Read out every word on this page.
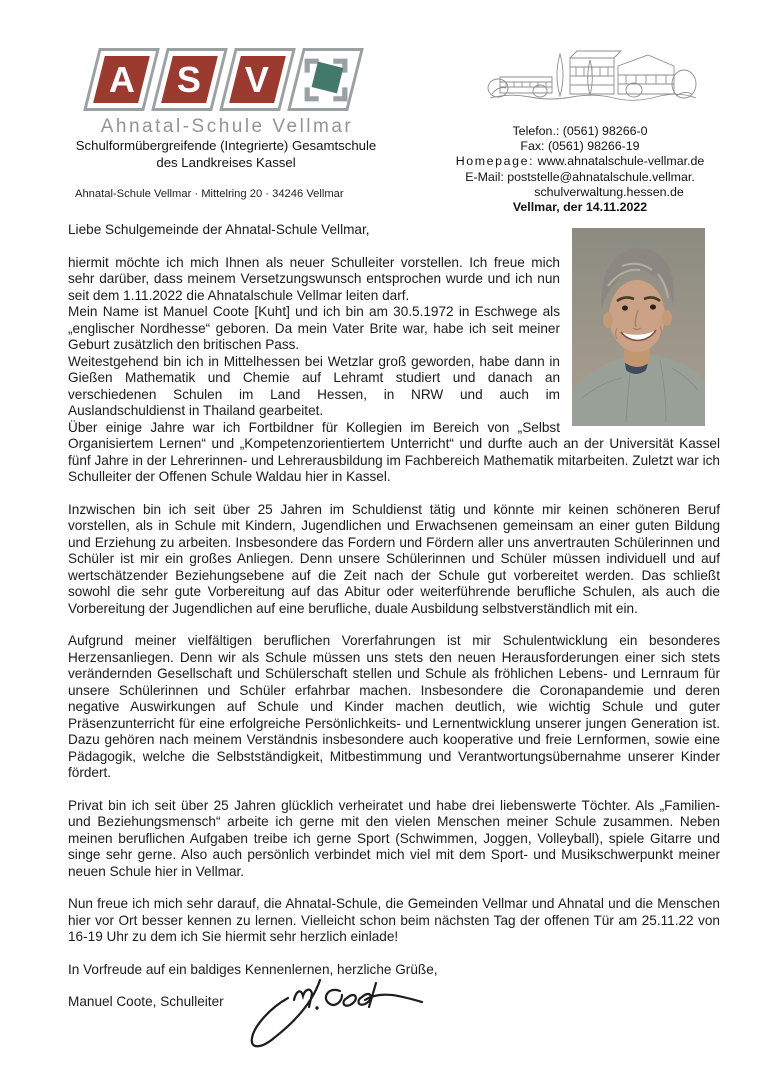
A S V
Ahnatal-Schule Vellmar
Schulformübergreifende (Integrierte) Gesamtschule
des Landkreises Kassel
Ahnatal-Schule Vellmar · Mittelring 20 · 34246 Vellmar
Telefon.: (0561) 98266-0
Fax: (0561) 98266-19
Homepage: www.ahnatalschule-vellmar.de
E-Mail: poststelle@ahnatalschule.vellmar.
schulverwaltung.hessen.de
Vellmar, der 14.11.2022

Liebe Schulgemeinde der Ahnatal-Schule Vellmar,

hiermit möchte ich mich Ihnen als neuer Schulleiter vorstellen. Ich freue mich sehr darüber, dass meinem Versetzungswunsch entsprochen wurde und ich nun seit dem 1.11.2022 die Ahnatalschule Vellmar leiten darf.

Mein Name ist Manuel Coote [Kuht] und ich bin am 30.5.1972 in Eschwege als „englischer Nordhesse“ geboren. Da mein Vater Brite war, habe ich seit meiner Geburt zusätzlich den britischen Pass.

Weitestgehend bin ich in Mittelhessen bei Wetzlar groß geworden, habe dann in Gießen Mathematik und Chemie auf Lehramt studiert und danach an verschiedenen Schulen im Land Hessen, in NRW und auch im Auslandschuldienst in Thailand gearbeitet.

Über einige Jahre war ich Fortbildner für Kollegien im Bereich von „Selbst Organisiertem Lernen“ und „Kompetenzorientiertem Unterricht“ und durfte auch an der Universität Kassel fünf Jahre in der Lehrerinnen- und Lehrerausbildung im Fachbereich Mathematik mitarbeiten. Zuletzt war ich Schulleiter der Offenen Schule Waldau hier in Kassel.

Inzwischen bin ich seit über 25 Jahren im Schuldienst tätig und könnte mir keinen schöneren Beruf vorstellen, als in Schule mit Kindern, Jugendlichen und Erwachsenen gemeinsam an einer guten Bildung und Erziehung zu arbeiten. Insbesondere das Fordern und Fördern aller uns anvertrauten Schülerinnen und Schüler ist mir ein großes Anliegen. Denn unsere Schülerinnen und Schüler müssen individuell und auf wertschätzender Beziehungsebene auf die Zeit nach der Schule gut vorbereitet werden. Das schließt sowohl die sehr gute Vorbereitung auf das Abitur oder weiterführende berufliche Schulen, als auch die Vorbereitung der Jugendlichen auf eine berufliche, duale Ausbildung selbstverständlich mit ein.

Aufgrund meiner vielfältigen beruflichen Vorerfahrungen ist mir Schulentwicklung ein besonderes Herzensanliegen. Denn wir als Schule müssen uns stets den neuen Herausforderungen einer sich stets verändernden Gesellschaft und Schülerschaft stellen und Schule als fröhlichen Lebens- und Lernraum für unsere Schülerinnen und Schüler erfahrbar machen. Insbesondere die Coronapandemie und deren negative Auswirkungen auf Schule und Kinder machen deutlich, wie wichtig Schule und guter Präsenzunterricht für eine erfolgreiche Persönlichkeits- und Lernentwicklung unserer jungen Generation ist. Dazu gehören nach meinem Verständnis insbesondere auch kooperative und freie Lernformen, sowie eine Pädagogik, welche die Selbstständigkeit, Mitbestimmung und Verantwortungsübernahme unserer Kinder fördert.

Privat bin ich seit über 25 Jahren glücklich verheiratet und habe drei liebenswerte Töchter. Als „Familien- und Beziehungsmensch“ arbeite ich gerne mit den vielen Menschen meiner Schule zusammen. Neben meinen beruflichen Aufgaben treibe ich gerne Sport (Schwimmen, Joggen, Volleyball), spiele Gitarre und singe sehr gerne. Also auch persönlich verbindet mich viel mit dem Sport- und Musikschwerpunkt meiner neuen Schule hier in Vellmar.

Nun freue ich mich sehr darauf, die Ahnatal-Schule, die Gemeinden Vellmar und Ahnatal und die Menschen hier vor Ort besser kennen zu lernen. Vielleicht schon beim nächsten Tag der offenen Tür am 25.11.22 von 16-19 Uhr zu dem ich Sie hiermit sehr herzlich einlade!

In Vorfreude auf ein baldiges Kennenlernen, herzliche Grüße,

Manuel Coote, Schulleiter
